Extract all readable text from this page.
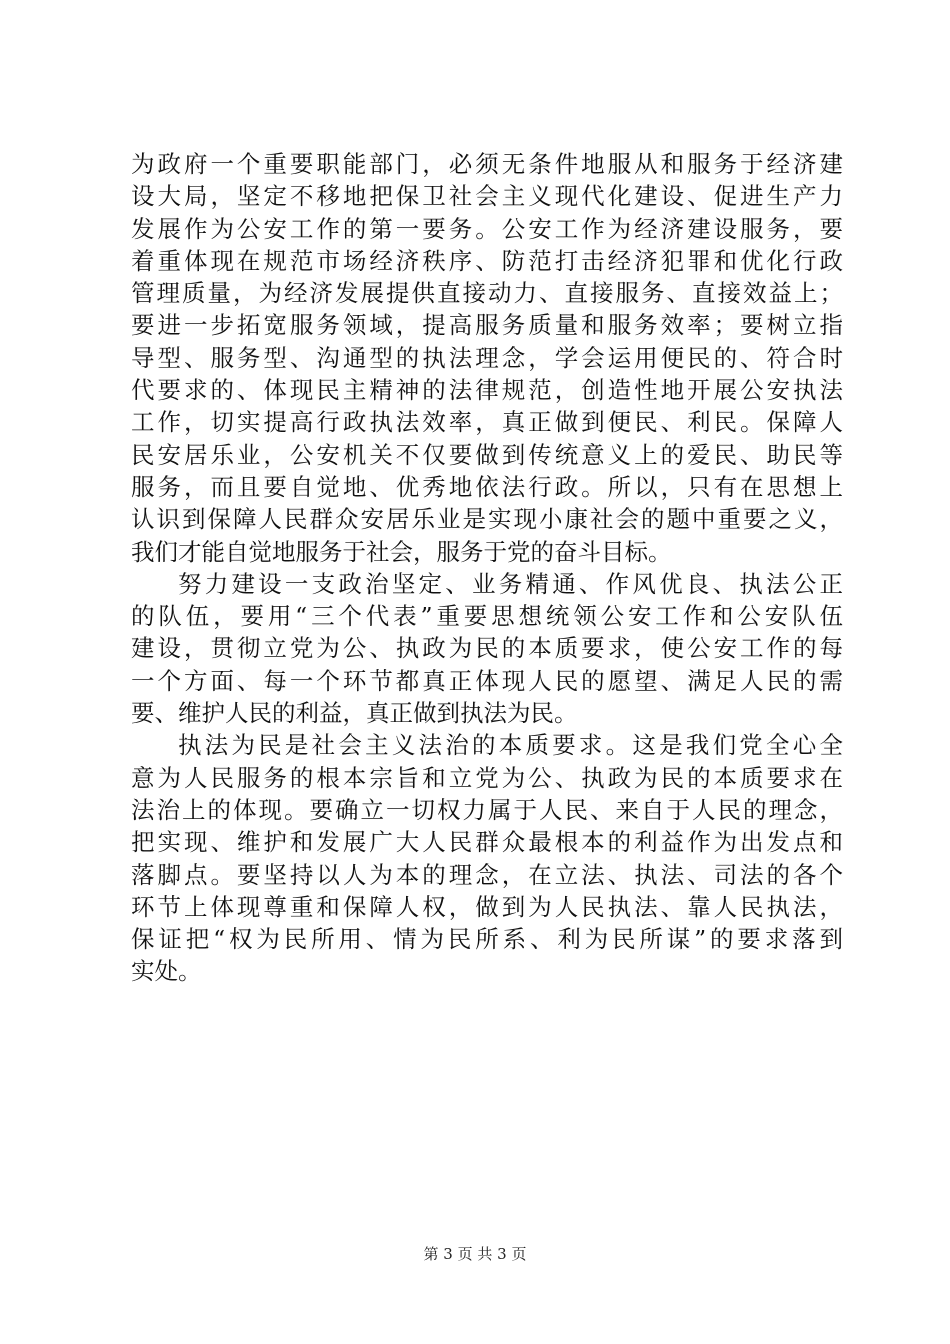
为政府一个重要职能部门，必须无条件地服从和服务于经济建
设大局，坚定不移地把保卫社会主义现代化建设、促进生产力
发展作为公安工作的第一要务。公安工作为经济建设服务，要
着重体现在规范市场经济秩序、防范打击经济犯罪和优化行政
管理质量，为经济发展提供直接动力、直接服务、直接效益上；
要进一步拓宽服务领域，提高服务质量和服务效率；要树立指
导型、服务型、沟通型的执法理念，学会运用便民的、符合时
代要求的、体现民主精神的法律规范，创造性地开展公安执法
工作，切实提高行政执法效率，真正做到便民、利民。保障人
民安居乐业，公安机关不仅要做到传统意义上的爱民、助民等
服务，而且要自觉地、优秀地依法行政。所以，只有在思想上
认识到保障人民群众安居乐业是实现小康社会的题中重要之义，
我们才能自觉地服务于社会，服务于党的奋斗目标。
努力建设一支政治坚定、业务精通、作风优良、执法公正
的队伍，要用“三个代表”重要思想统领公安工作和公安队伍
建设，贯彻立党为公、执政为民的本质要求，使公安工作的每
一个方面、每一个环节都真正体现人民的愿望、满足人民的需
要、维护人民的利益，真正做到执法为民。
执法为民是社会主义法治的本质要求。这是我们党全心全
意为人民服务的根本宗旨和立党为公、执政为民的本质要求在
法治上的体现。要确立一切权力属于人民、来自于人民的理念，
把实现、维护和发展广大人民群众最根本的利益作为出发点和
落脚点。要坚持以人为本的理念，在立法、执法、司法的各个
环节上体现尊重和保障人权，做到为人民执法、靠人民执法，
保证把“权为民所用、情为民所系、利为民所谋”的要求落到
实处。
第 3 页 共 3 页
